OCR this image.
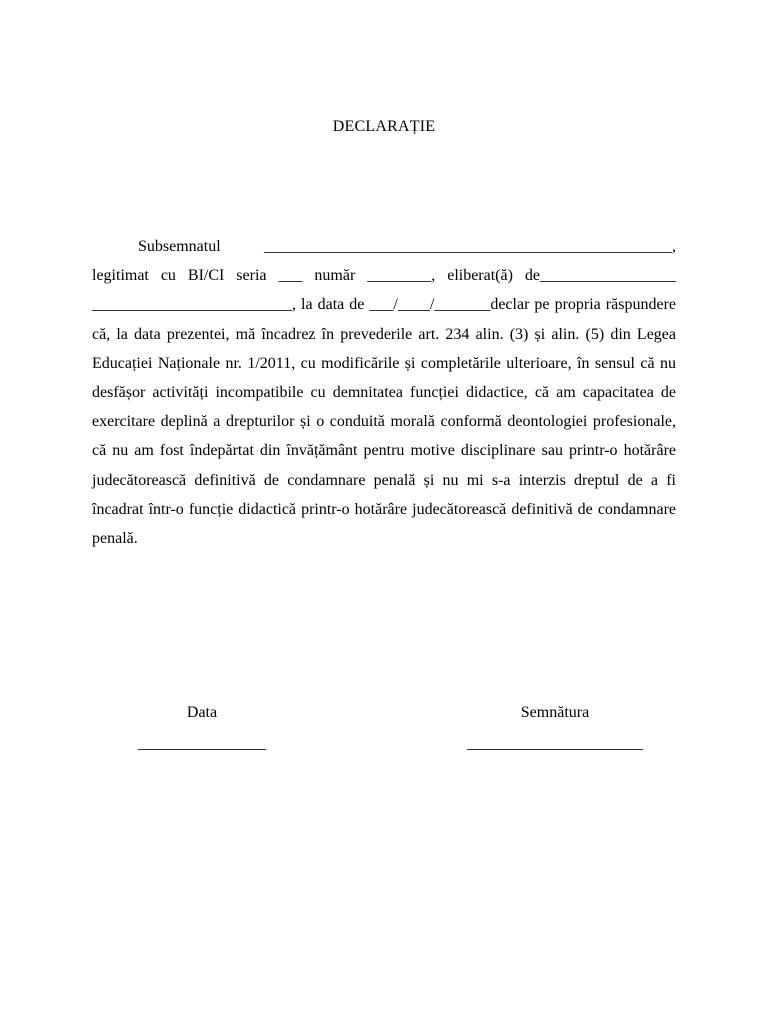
DECLARAȚIE

Subsemnatul ___________________________________________________, legitimat cu BI/CI seria ___ număr ________, eliberat(ă) de_________________ _________________________, la data de ___/____/_______declar pe propria răspundere că, la data prezentei, mă încadrez în prevederile art. 234 alin. (3) și alin. (5) din Legea Educației Naționale nr. 1/2011, cu modificările și completările ulterioare, în sensul că nu desfășor activități incompatibile cu demnitatea funcției didactice, că am capacitatea de exercitare deplină a drepturilor și o conduită morală conformă deontologiei profesionale, că nu am fost îndepărtat din învățământ pentru motive disciplinare sau printr-o hotărâre judecătorească definitivă de condamnare penală și nu mi s-a interzis dreptul de a fi încadrat într-o funcție didactică printr-o hotărâre judecătorească definitivă de condamnare penală.

Data
________________
Semnătura
______________________
